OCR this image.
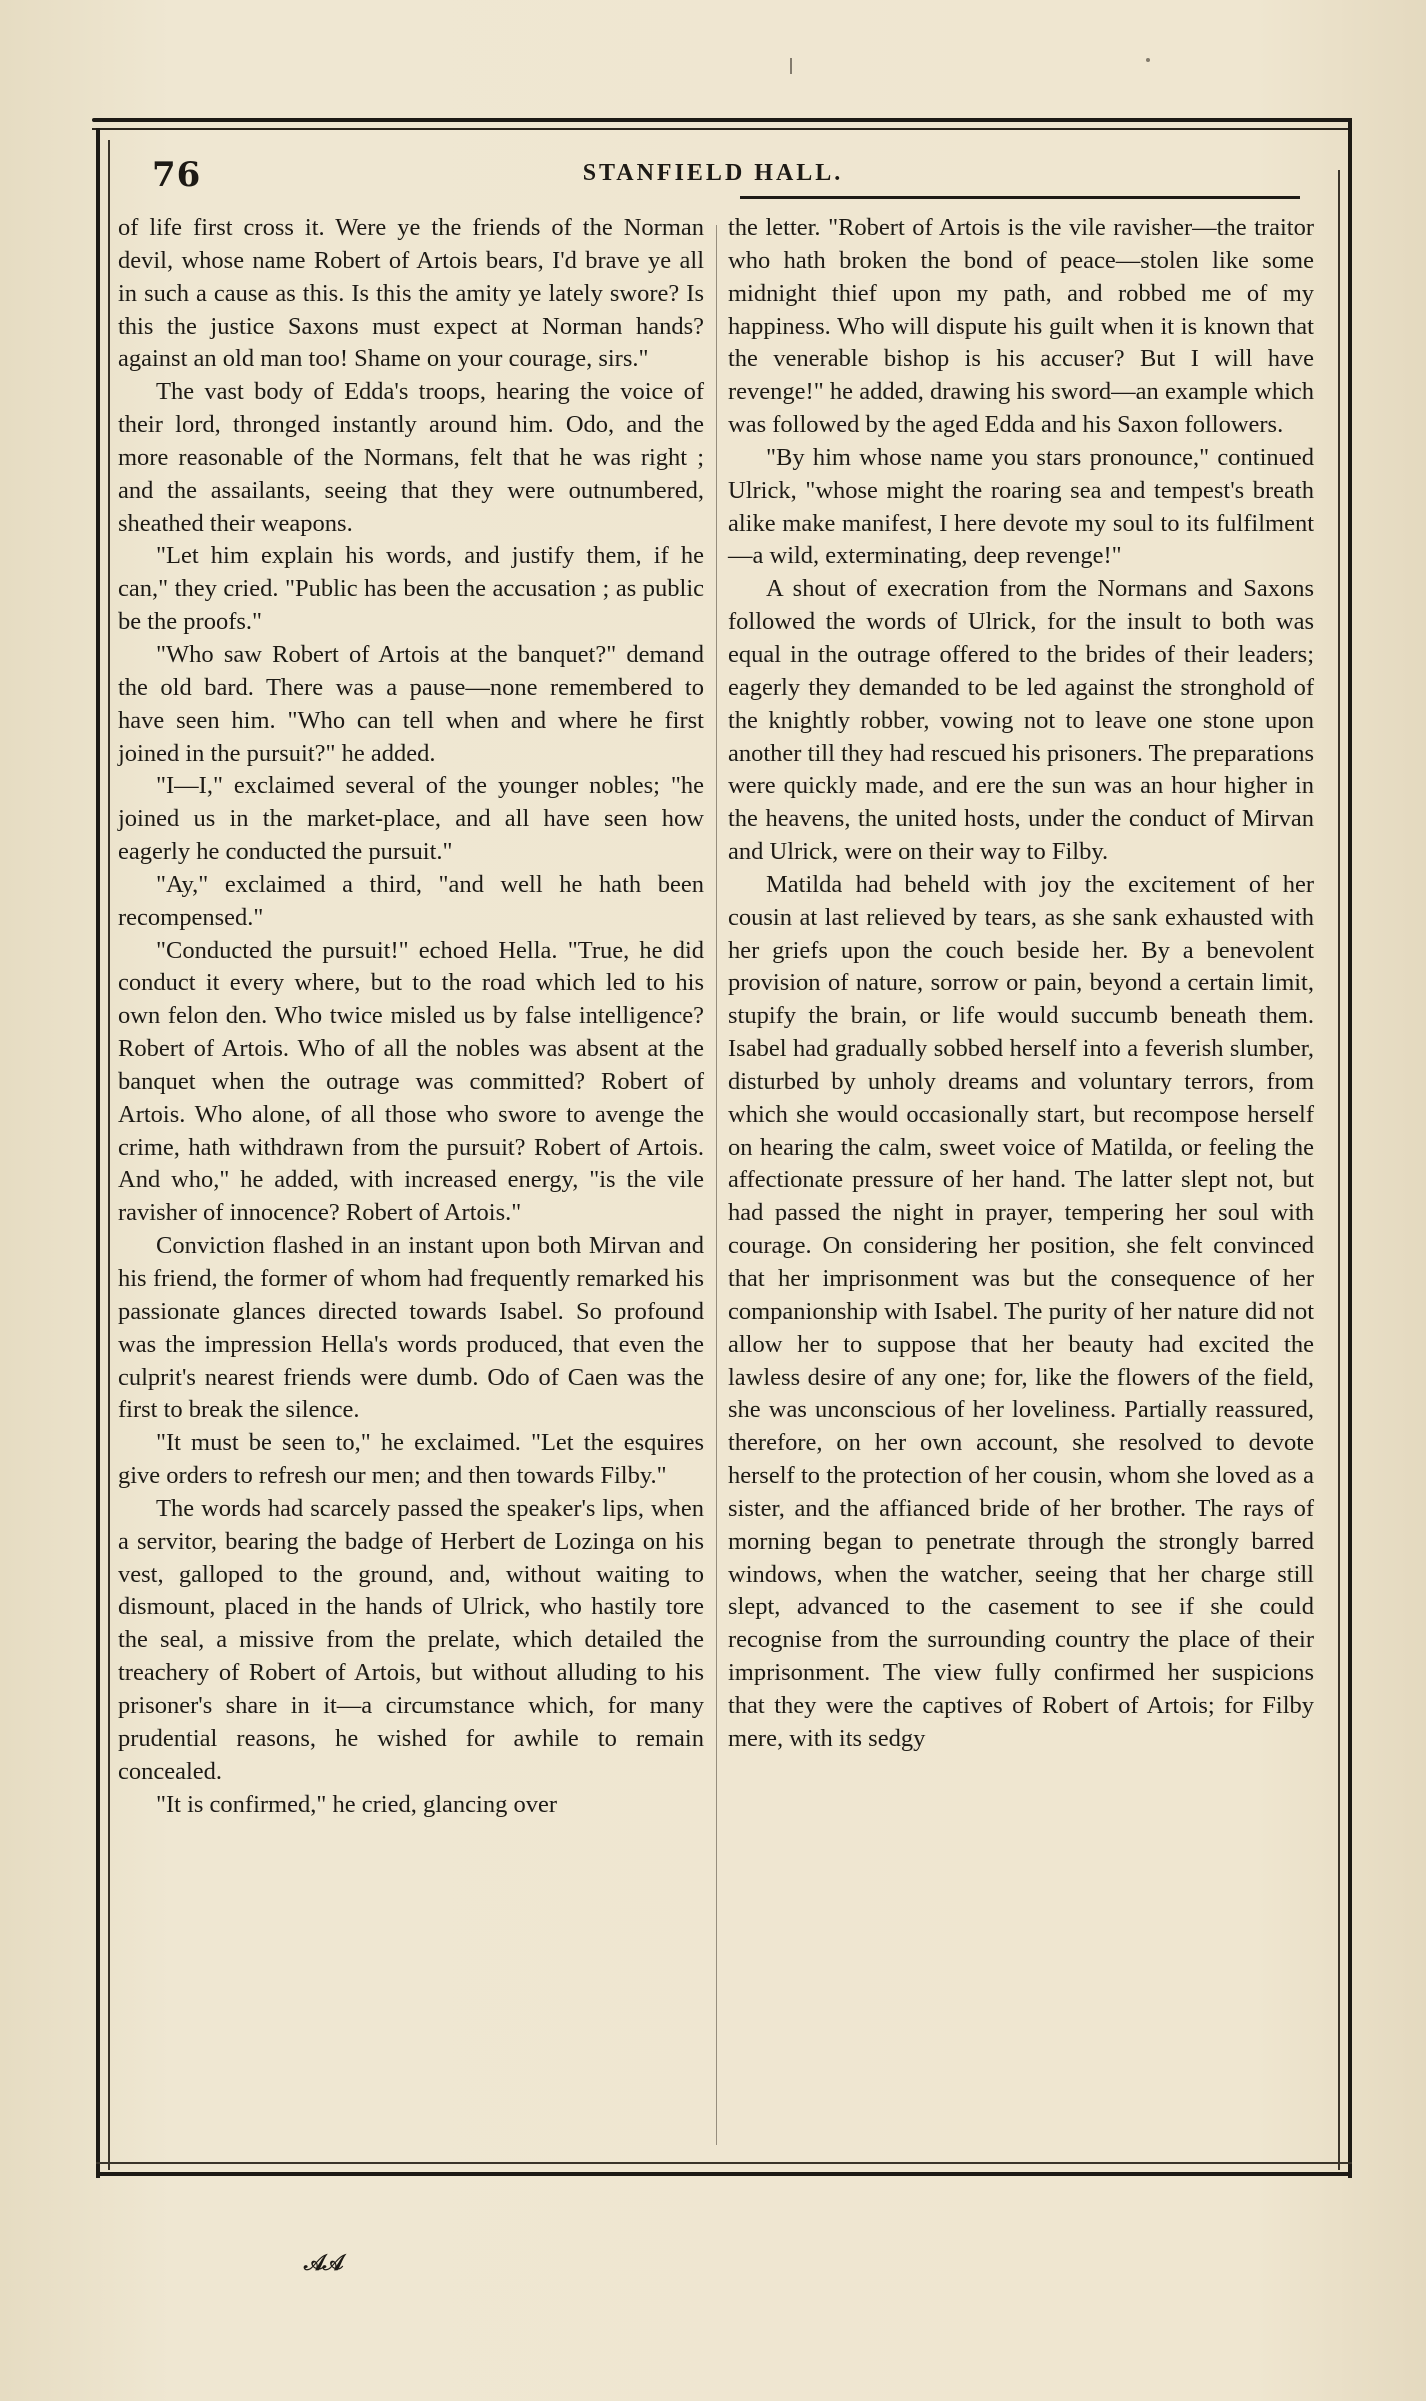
76	STANFIELD HALL.

of life first cross it. Were ye the friends of the Norman devil, whose name Robert of Artois bears, I'd brave ye all in such a cause as this. Is this the amity ye lately swore? Is this the justice Saxons must expect at Norman hands? against an old man too! Shame on your courage, sirs."

The vast body of Edda's troops, hearing the voice of their lord, thronged instantly around him. Odo, and the more reasonable of the Normans, felt that he was right ; and the assailants, seeing that they were outnumbered, sheathed their weapons.

"Let him explain his words, and justify them, if he can," they cried. "Public has been the accusation ; as public be the proofs."

"Who saw Robert of Artois at the banquet?" demand the old bard. There was a pause—none remembered to have seen him. "Who can tell when and where he first joined in the pursuit?" he added.

"I—I," exclaimed several of the younger nobles; "he joined us in the market-place, and all have seen how eagerly he conducted the pursuit."

"Ay," exclaimed a third, "and well he hath been recompensed."

"Conducted the pursuit!" echoed Hella. "True, he did conduct it every where, but to the road which led to his own felon den. Who twice misled us by false intelligence? Robert of Artois. Who of all the nobles was absent at the banquet when the outrage was committed? Robert of Artois. Who alone, of all those who swore to avenge the crime, hath withdrawn from the pursuit? Robert of Artois. And who," he added, with increased energy, "is the vile ravisher of innocence? Robert of Artois."

Conviction flashed in an instant upon both Mirvan and his friend, the former of whom had frequently remarked his passionate glances directed towards Isabel. So profound was the impression Hella's words produced, that even the culprit's nearest friends were dumb. Odo of Caen was the first to break the silence.

"It must be seen to," he exclaimed. "Let the esquires give orders to refresh our men; and then towards Filby."

The words had scarcely passed the speaker's lips, when a servitor, bearing the badge of Herbert de Lozinga on his vest, galloped to the ground, and, without waiting to dismount, placed in the hands of Ulrick, who hastily tore the seal, a missive from the prelate, which detailed the treachery of Robert of Artois, but without alluding to his prisoner's share in it—a circumstance which, for many prudential reasons, he wished for awhile to remain concealed.

"It is confirmed," he cried, glancing over

the letter. "Robert of Artois is the vile ravisher—the traitor who hath broken the bond of peace—stolen like some midnight thief upon my path, and robbed me of my happiness. Who will dispute his guilt when it is known that the venerable bishop is his accuser? But I will have revenge!" he added, drawing his sword—an example which was followed by the aged Edda and his Saxon followers.

"By him whose name you stars pronounce," continued Ulrick, "whose might the roaring sea and tempest's breath alike make manifest, I here devote my soul to its fulfilment—a wild, exterminating, deep revenge!"

A shout of execration from the Normans and Saxons followed the words of Ulrick, for the insult to both was equal in the outrage offered to the brides of their leaders; eagerly they demanded to be led against the stronghold of the knightly robber, vowing not to leave one stone upon another till they had rescued his prisoners. The preparations were quickly made, and ere the sun was an hour higher in the heavens, the united hosts, under the conduct of Mirvan and Ulrick, were on their way to Filby.

Matilda had beheld with joy the excitement of her cousin at last relieved by tears, as she sank exhausted with her griefs upon the couch beside her. By a benevolent provision of nature, sorrow or pain, beyond a certain limit, stupify the brain, or life would succumb beneath them. Isabel had gradually sobbed herself into a feverish slumber, disturbed by unholy dreams and voluntary terrors, from which she would occasionally start, but recompose herself on hearing the calm, sweet voice of Matilda, or feeling the affectionate pressure of her hand. The latter slept not, but had passed the night in prayer, tempering her soul with courage. On considering her position, she felt convinced that her imprisonment was but the consequence of her companionship with Isabel. The purity of her nature did not allow her to suppose that her beauty had excited the lawless desire of any one; for, like the flowers of the field, she was unconscious of her loveliness. Partially reassured, therefore, on her own account, she resolved to devote herself to the protection of her cousin, whom she loved as a sister, and the affianced bride of her brother. The rays of morning began to penetrate through the strongly barred windows, when the watcher, seeing that her charge still slept, advanced to the casement to see if she could recognise from the surrounding country the place of their imprisonment. The view fully confirmed her suspicions that they were the captives of Robert of Artois; for Filby mere, with its sedgy

𝒜𝒜
